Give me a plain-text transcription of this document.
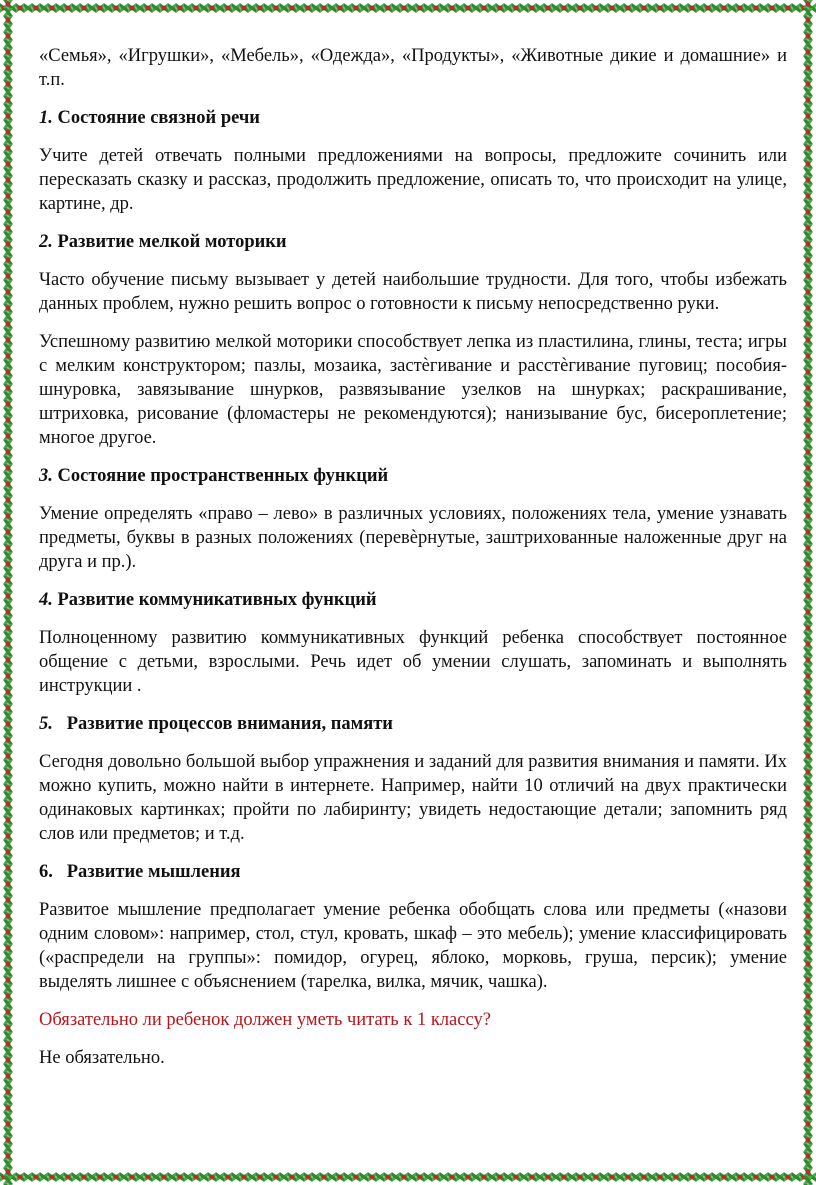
«Семья», «Игрушки», «Мебель», «Одежда», «Продукты», «Животные дикие и домашние» и т.п.

1. Состояние связной речи

Учите детей отвечать полными предложениями на вопросы, предложите сочинить или пересказать сказку и рассказ, продолжить предложение, описать то, что происходит на улице, картине, др.

2. Развитие мелкой моторики

Часто обучение письму вызывает у детей наибольшие трудности. Для того, чтобы избежать данных проблем, нужно решить вопрос о готовности к письму непосредственно руки.

Успешному развитию мелкой моторики способствует лепка из пластилина, глины, теста; игры с мелким конструктором; пазлы, мозаика, застѐгивание и расстѐгивание пуговиц; пособия-шнуровка, завязывание шнурков, развязывание узелков на шнурках; раскрашивание, штриховка, рисование (фломастеры не рекомендуются); нанизывание бус, бисероплетение; многое другое.

3. Состояние пространственных функций

Умение определять «право – лево» в различных условиях, положениях тела, умение узнавать предметы, буквы в разных положениях (перевѐрнутые, заштрихованные наложенные друг на друга и пр.).

4. Развитие коммуникативных функций

Полноценному развитию коммуникативных функций ребенка способствует постоянное общение с детьми, взрослыми. Речь идет об умении слушать, запоминать и выполнять инструкции .

5. Развитие процессов внимания, памяти

Сегодня довольно большой выбор упражнения и заданий для развития внимания и памяти. Их можно купить, можно найти в интернете. Например, найти 10 отличий на двух практически одинаковых картинках; пройти по лабиринту; увидеть недостающие детали; запомнить ряд слов или предметов; и т.д.

6. Развитие мышления

Развитое мышление предполагает умение ребенка обобщать слова или предметы («назови одним словом»: например, стол, стул, кровать, шкаф – это мебель); умение классифицировать («распредели на группы»: помидор, огурец, яблоко, морковь, груша, персик); умение выделять лишнее с объяснением (тарелка, вилка, мячик, чашка).

Обязательно ли ребенок должен уметь читать к 1 классу?

Не обязательно.
